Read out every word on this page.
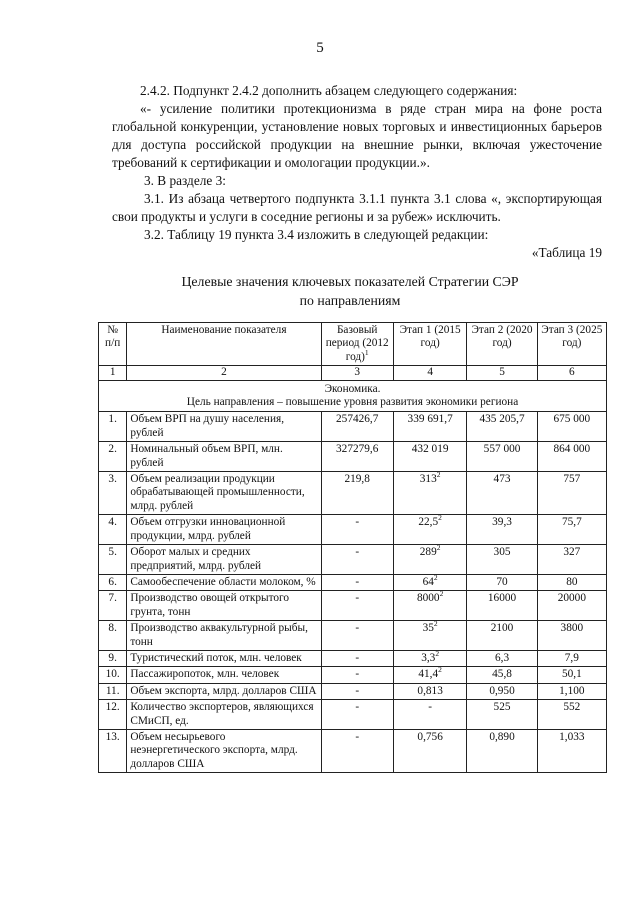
5
2.4.2. Подпункт 2.4.2 дополнить абзацем следующего содержания:
«- усиление политики протекционизма в ряде стран мира на фоне роста глобальной конкуренции, установление новых торговых и инвестиционных барьеров для доступа российской продукции на внешние рынки, включая ужесточение требований к сертификации и омологации продукции.».
3. В разделе 3:
3.1. Из абзаца четвертого подпункта 3.1.1 пункта 3.1 слова «, экспортирующая свои продукты и услуги в соседние регионы и за рубеж» исключить.
3.2. Таблицу 19 пункта 3.4 изложить в следующей редакции:
«Таблица 19
Целевые значения ключевых показателей Стратегии СЭР
по направлениям
№ п/п	Наименование показателя	Базовый период (2012 год)$^1$	Этап 1 (2015 год)	Этап 2 (2020 год)	Этап 3 (2025 год)
1	2	3	4	5	6

Экономика.
Цель направления – повышение уровня развития экономики региона					

1.	Объем ВРП на душу населения, рублей	257426,7	339 691,7	435 205,7	675 000
2.	Номинальный объем ВРП, млн. рублей	327279,6	432 019	557 000	864 000
3.	Объем реализации продукции обрабатывающей промышленности, млрд. рублей	219,8	$313^2$	473	757
4.	Объем отгрузки инновационной продукции, млрд. рублей	-	22,5$^2$	39,3	75,7
5.	Оборот малых и средних предприятий, млрд. рублей	-	$289^2$	305	327
6.	Самообеспечение области молоком, %	-	$64^2$	70	80
7.	Производство овощей открытого грунта, тонн	-	8000$^2$	16000	20000
8.	Производство аквакультурной рыбы, тонн	-	$35^2$	2100	3800
9.	Туристический поток, млн. человек	-	$3,3^2$	6,3	7,9
10.	Пассажиропоток, млн. человек	-	41,4$^2$	45,8	50,1
11.	Объем экспорта, млрд. долларов США	-	0,813	0,950	1,100
12.	Количество экспортеров, являющихся СМиСП, ед.	-	-	525	552
13.	Объем несырьевого неэнергетического экспорта, млрд. долларов США	-	0,756	0,890	1,033
